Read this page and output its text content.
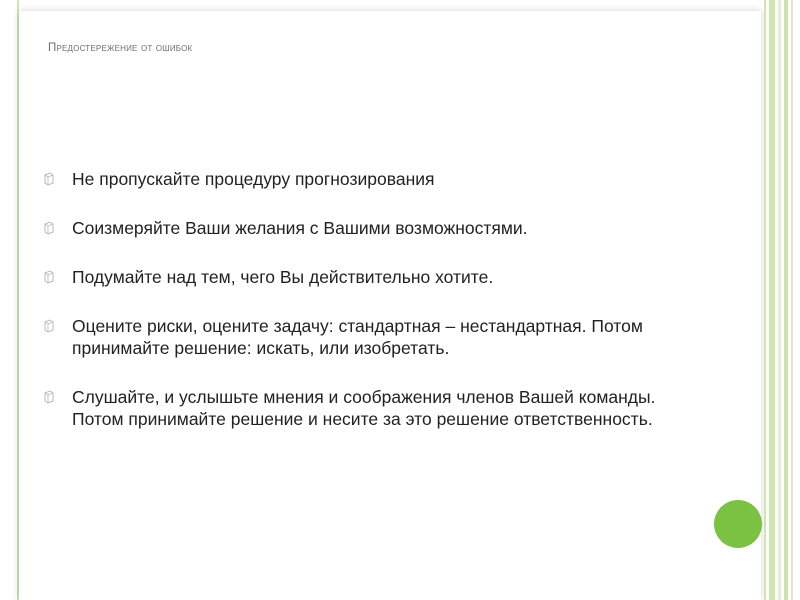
Предостережение от ошибок
Не пропускайте процедуру прогнозирования
Соизмеряйте Ваши желания с Вашими возможностями.
Подумайте над тем, чего Вы действительно хотите.
Оцените риски, оцените задачу: стандартная – нестандартная. Потом принимайте решение: искать, или изобретать.
Слушайте, и услышьте мнения и соображения членов Вашей команды. Потом принимайте решение и несите за это решение ответственность.
